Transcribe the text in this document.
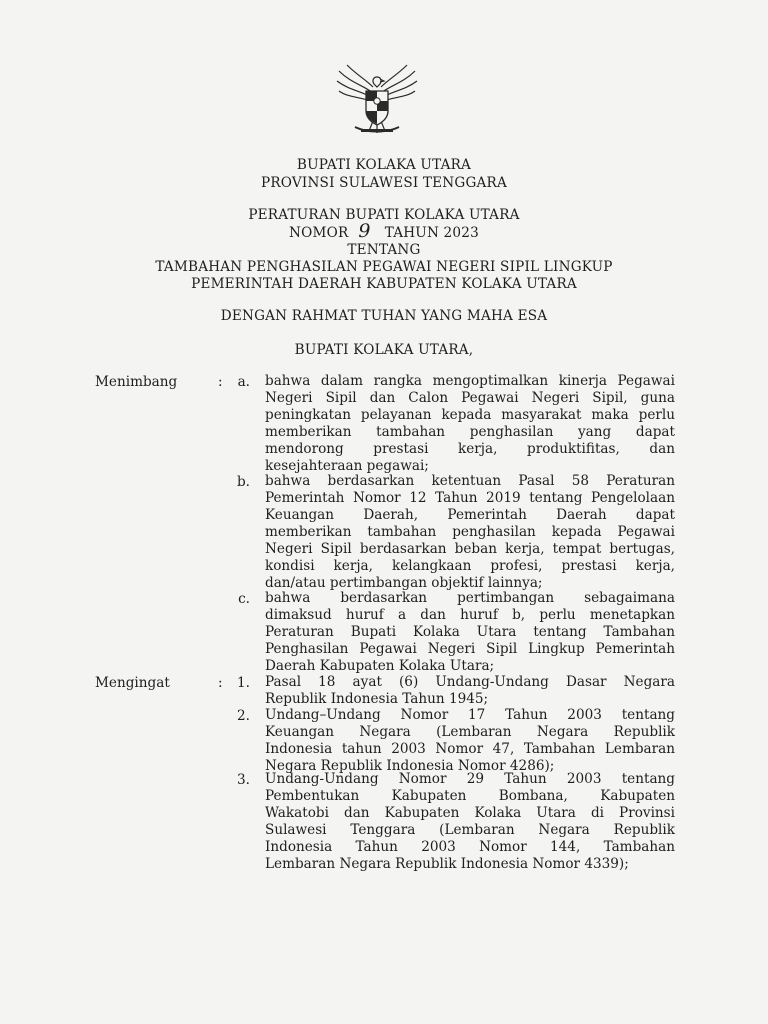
BUPATI KOLAKA UTARA
PROVINSI SULAWESI TENGGARA
PERATURAN BUPATI KOLAKA UTARA
NOMOR 9 TAHUN 2023
TENTANG
TAMBAHAN PENGHASILAN PEGAWAI NEGERI SIPIL LINGKUP
PEMERINTAH DAERAH KABUPATEN KOLAKA UTARA
DENGAN RAHMAT TUHAN YANG MAHA ESA
BUPATI KOLAKA UTARA,
Menimbang	:	a. bahwa dalam rangka mengoptimalkan kinerja Pegawai
Negeri Sipil dan Calon Pegawai Negeri Sipil, guna
peningkatan pelayanan kepada masyarakat maka perlu
memberikan tambahan penghasilan yang dapat
mendorong prestasi kerja, produktifitas, dan
kesejahteraan pegawai;
b. bahwa berdasarkan ketentuan Pasal 58 Peraturan
Pemerintah Nomor 12 Tahun 2019 tentang Pengelolaan
Keuangan Daerah, Pemerintah Daerah dapat
memberikan tambahan penghasilan kepada Pegawai
Negeri Sipil berdasarkan beban kerja, tempat bertugas,
kondisi kerja, kelangkaan profesi, prestasi kerja,
dan/atau pertimbangan objektif lainnya;
c. bahwa berdasarkan pertimbangan sebagaimana
dimaksud huruf a dan huruf b, perlu menetapkan
Peraturan Bupati Kolaka Utara tentang Tambahan
Penghasilan Pegawai Negeri Sipil Lingkup Pemerintah
Daerah Kabupaten Kolaka Utara;
Mengingat	:	1. Pasal 18 ayat (6) Undang-Undang Dasar Negara
Republik Indonesia Tahun 1945;
2. Undang–Undang Nomor 17 Tahun 2003 tentang
Keuangan Negara (Lembaran Negara Republik
Indonesia tahun 2003 Nomor 47, Tambahan Lembaran
Negara Republik Indonesia Nomor 4286);
3. Undang-Undang Nomor 29 Tahun 2003 tentang
Pembentukan Kabupaten Bombana, Kabupaten
Wakatobi dan Kabupaten Kolaka Utara di Provinsi
Sulawesi Tenggara (Lembaran Negara Republik
Indonesia Tahun 2003 Nomor 144, Tambahan
Lembaran Negara Republik Indonesia Nomor 4339);
